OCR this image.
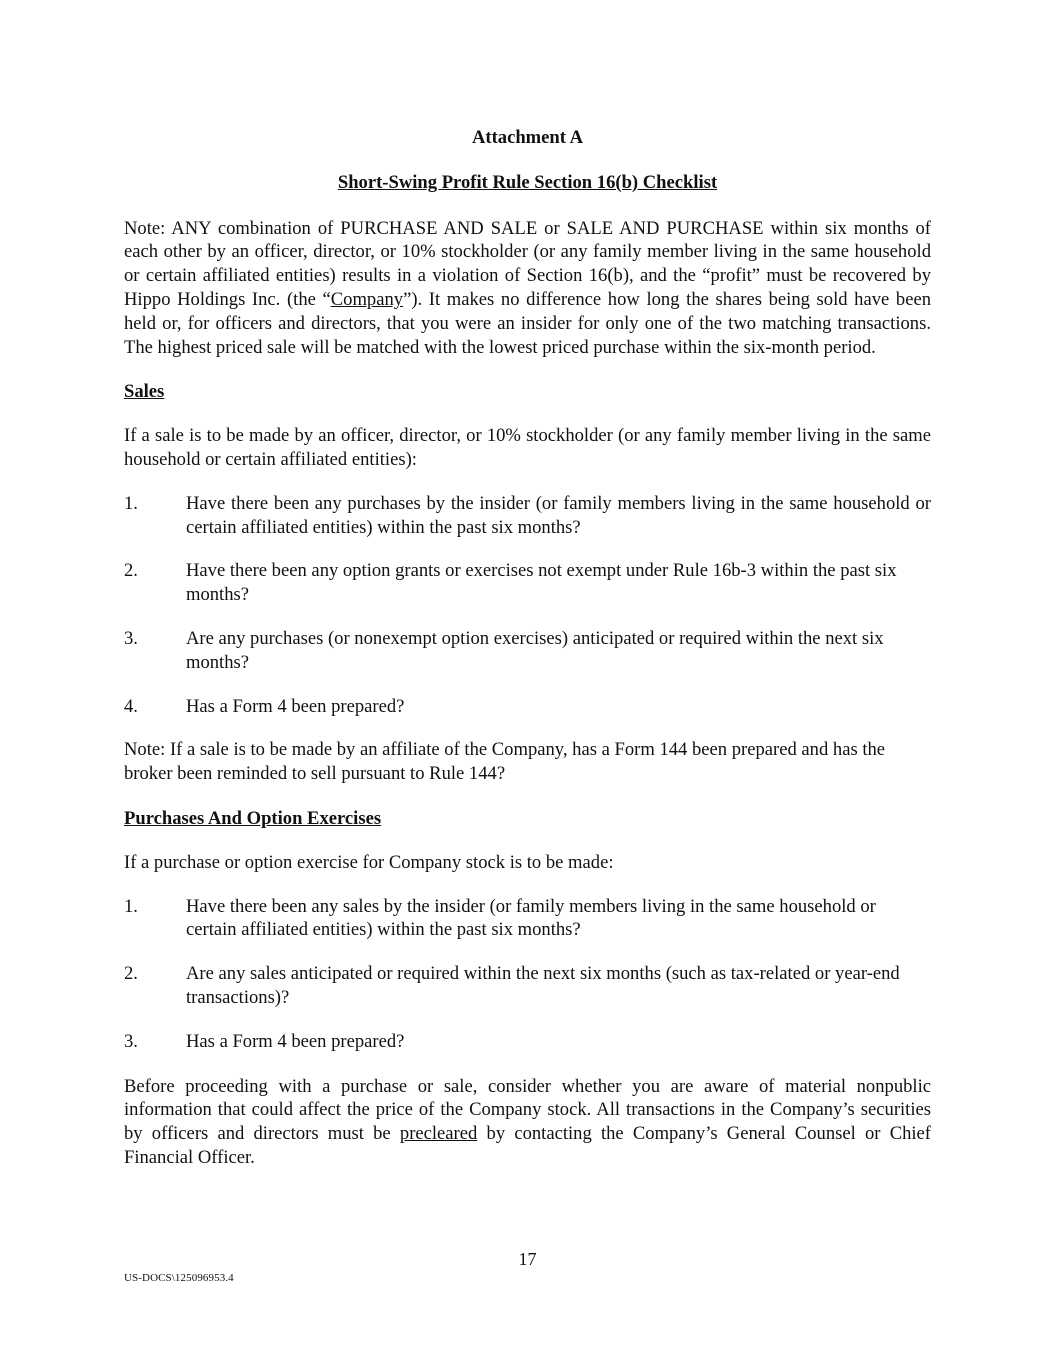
Attachment A

Short-Swing Profit Rule Section 16(b) Checklist

Note: ANY combination of PURCHASE AND SALE or SALE AND PURCHASE within six months of each other by an officer, director, or 10% stockholder (or any family member living in the same household or certain affiliated entities) results in a violation of Section 16(b), and the “profit” must be recovered by Hippo Holdings Inc. (the “Company”). It makes no difference how long the shares being sold have been held or, for officers and directors, that you were an insider for only one of the two matching transactions. The highest priced sale will be matched with the lowest priced purchase within the six-month period.

Sales

If a sale is to be made by an officer, director, or 10% stockholder (or any family member living in the same household or certain affiliated entities):

1.	Have there been any purchases by the insider (or family members living in the same household or certain affiliated entities) within the past six months?
2.	Have there been any option grants or exercises not exempt under Rule 16b-3 within the past six months?
3.	Are any purchases (or nonexempt option exercises) anticipated or required within the next six months?
4.	Has a Form 4 been prepared?

Note: If a sale is to be made by an affiliate of the Company, has a Form 144 been prepared and has the broker been reminded to sell pursuant to Rule 144?

Purchases And Option Exercises

If a purchase or option exercise for Company stock is to be made:

1.	Have there been any sales by the insider (or family members living in the same household or certain affiliated entities) within the past six months?
2.	Are any sales anticipated or required within the next six months (such as tax-related or year-end transactions)?
3.	Has a Form 4 been prepared?

Before proceeding with a purchase or sale, consider whether you are aware of material nonpublic information that could affect the price of the Company stock. All transactions in the Company’s securities by officers and directors must be precleared by contacting the Company’s General Counsel or Chief Financial Officer.

17
US-DOCS\125096953.4
